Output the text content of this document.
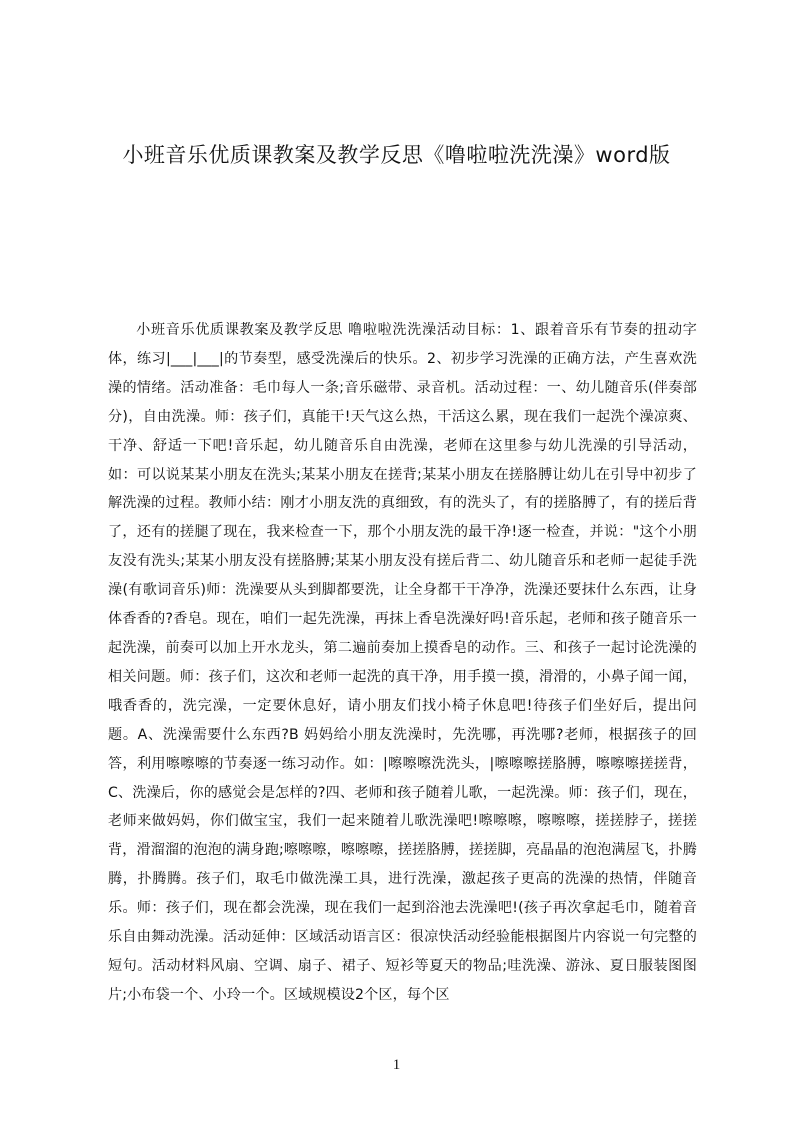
小班音乐优质课教案及教学反思《噜啦啦洗洗澡》word版

小班音乐优质课教案及教学反思 噜啦啦洗洗澡活动目标：1、跟着音乐有节奏的扭动字体，练习|___|___|的节奏型，感受洗澡后的快乐。2、初步学习洗澡的正确方法，产生喜欢洗澡的情绪。活动准备：毛巾每人一条;音乐磁带、录音机。活动过程：一、幼儿随音乐(伴奏部分)，自由洗澡。师：孩子们，真能干!天气这么热，干活这么累，现在我们一起洗个澡凉爽、干净、舒适一下吧!音乐起，幼儿随音乐自由洗澡，老师在这里参与幼儿洗澡的引导活动，如：可以说某某小朋友在洗头;某某小朋友在搓背;某某小朋友在搓胳膊让幼儿在引导中初步了解洗澡的过程。教师小结：刚才小朋友洗的真细致，有的洗头了，有的搓胳膊了，有的搓后背了，还有的搓腿了现在，我来检查一下，那个小朋友洗的最干净!逐一检查，并说："这个小朋友没有洗头;某某小朋友没有搓胳膊;某某小朋友没有搓后背二、幼儿随音乐和老师一起徒手洗澡(有歌词音乐)师：洗澡要从头到脚都要洗，让全身都干干净净，洗澡还要抹什么东西，让身体香香的?香皂。现在，咱们一起先洗澡，再抹上香皂洗澡好吗!音乐起，老师和孩子随音乐一起洗澡，前奏可以加上开水龙头，第二遍前奏加上摸香皂的动作。三、和孩子一起讨论洗澡的相关问题。师：孩子们，这次和老师一起洗的真干净，用手摸一摸，滑滑的，小鼻子闻一闻，哦香香的，洗完澡，一定要休息好，请小朋友们找小椅子休息吧!待孩子们坐好后，提出问题。A、洗澡需要什么东西?B 妈妈给小朋友洗澡时，先洗哪，再洗哪?老师，根据孩子的回答，利用嚓嚓嚓的节奏逐一练习动作。如：|嚓嚓嚓洗洗头，|嚓嚓嚓搓胳膊，嚓嚓嚓搓搓背，C、洗澡后，你的感觉会是怎样的?四、老师和孩子随着儿歌，一起洗澡。师：孩子们，现在，老师来做妈妈，你们做宝宝，我们一起来随着儿歌洗澡吧!嚓嚓嚓，嚓嚓嚓，搓搓脖子，搓搓背，滑溜溜的泡泡的满身跑;嚓嚓嚓，嚓嚓嚓，搓搓胳膊，搓搓脚，亮晶晶的泡泡满屋飞，扑腾腾，扑腾腾。孩子们，取毛巾做洗澡工具，进行洗澡，激起孩子更高的洗澡的热情，伴随音乐。师：孩子们，现在都会洗澡，现在我们一起到浴池去洗澡吧!(孩子再次拿起毛巾，随着音乐自由舞动洗澡。活动延伸：区域活动语言区：很凉快活动经验能根据图片内容说一句完整的短句。活动材料风扇、空调、扇子、裙子、短衫等夏天的物品;哇洗澡、游泳、夏日服装图图片;小布袋一个、小玲一个。区域规模设2个区，每个区

1
